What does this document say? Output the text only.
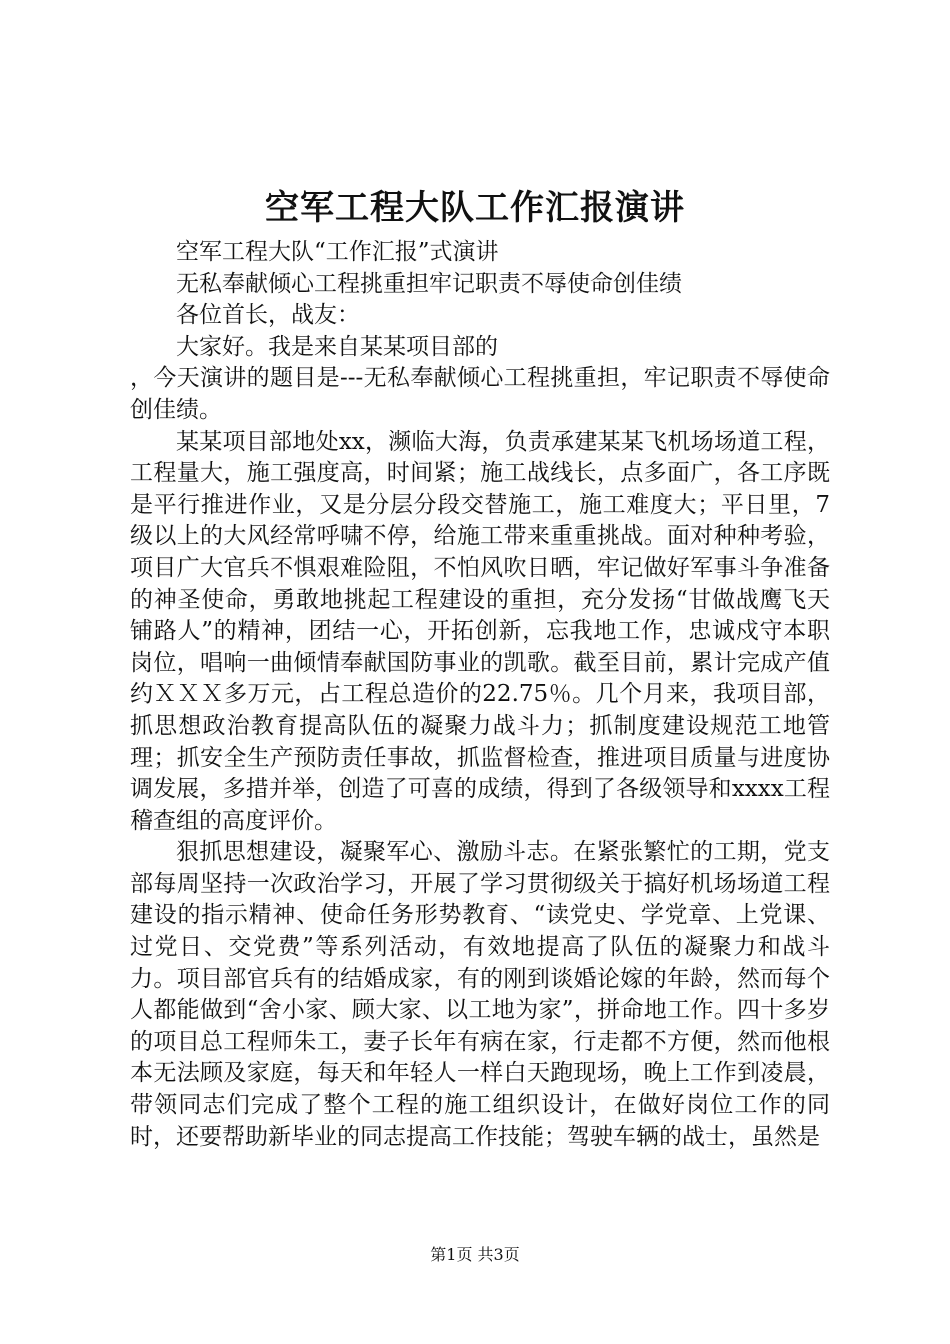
空军工程大队工作汇报演讲

空军工程大队“工作汇报”式演讲

无私奉献倾心工程挑重担牢记职责不辱使命创佳绩

各位首长，战友：

大家好。我是来自某某项目部的

，今天演讲的题目是---无私奉献倾心工程挑重担，牢记职责不辱使命创佳绩。

某某项目部地处xx，濒临大海，负责承建某某飞机场场道工程，工程量大，施工强度高，时间紧；施工战线长，点多面广，各工序既是平行推进作业，又是分层分段交替施工，施工难度大；平日里，7级以上的大风经常呼啸不停，给施工带来重重挑战。面对种种考验，项目广大官兵不惧艰难险阻，不怕风吹日晒，牢记做好军事斗争准备的神圣使命，勇敢地挑起工程建设的重担，充分发扬“甘做战鹰飞天铺路人”的精神，团结一心，开拓创新，忘我地工作，忠诚戍守本职岗位，唱响一曲倾情奉献国防事业的凯歌。截至目前，累计完成产值约ＸＸＸ多万元，占工程总造价的22.75％。几个月来，我项目部，抓思想政治教育提高队伍的凝聚力战斗力；抓制度建设规范工地管理；抓安全生产预防责任事故，抓监督检查，推进项目质量与进度协调发展，多措并举，创造了可喜的成绩，得到了各级领导和xxxx工程稽查组的高度评价。

狠抓思想建设，凝聚军心、激励斗志。在紧张繁忙的工期，党支部每周坚持一次政治学习，开展了学习贯彻级关于搞好机场场道工程建设的指示精神、使命任务形势教育、“读党史、学党章、上党课、过党日、交党费”等系列活动，有效地提高了队伍的凝聚力和战斗力。项目部官兵有的结婚成家，有的刚到谈婚论嫁的年龄，然而每个人都能做到“舍小家、顾大家、以工地为家”，拼命地工作。四十多岁的项目总工程师朱工，妻子长年有病在家，行走都不方便，然而他根本无法顾及家庭，每天和年轻人一样白天跑现场，晚上工作到凌晨，带领同志们完成了整个工程的施工组织设计，在做好岗位工作的同时，还要帮助新毕业的同志提高工作技能；驾驶车辆的战士，虽然是

第1页 共3页
